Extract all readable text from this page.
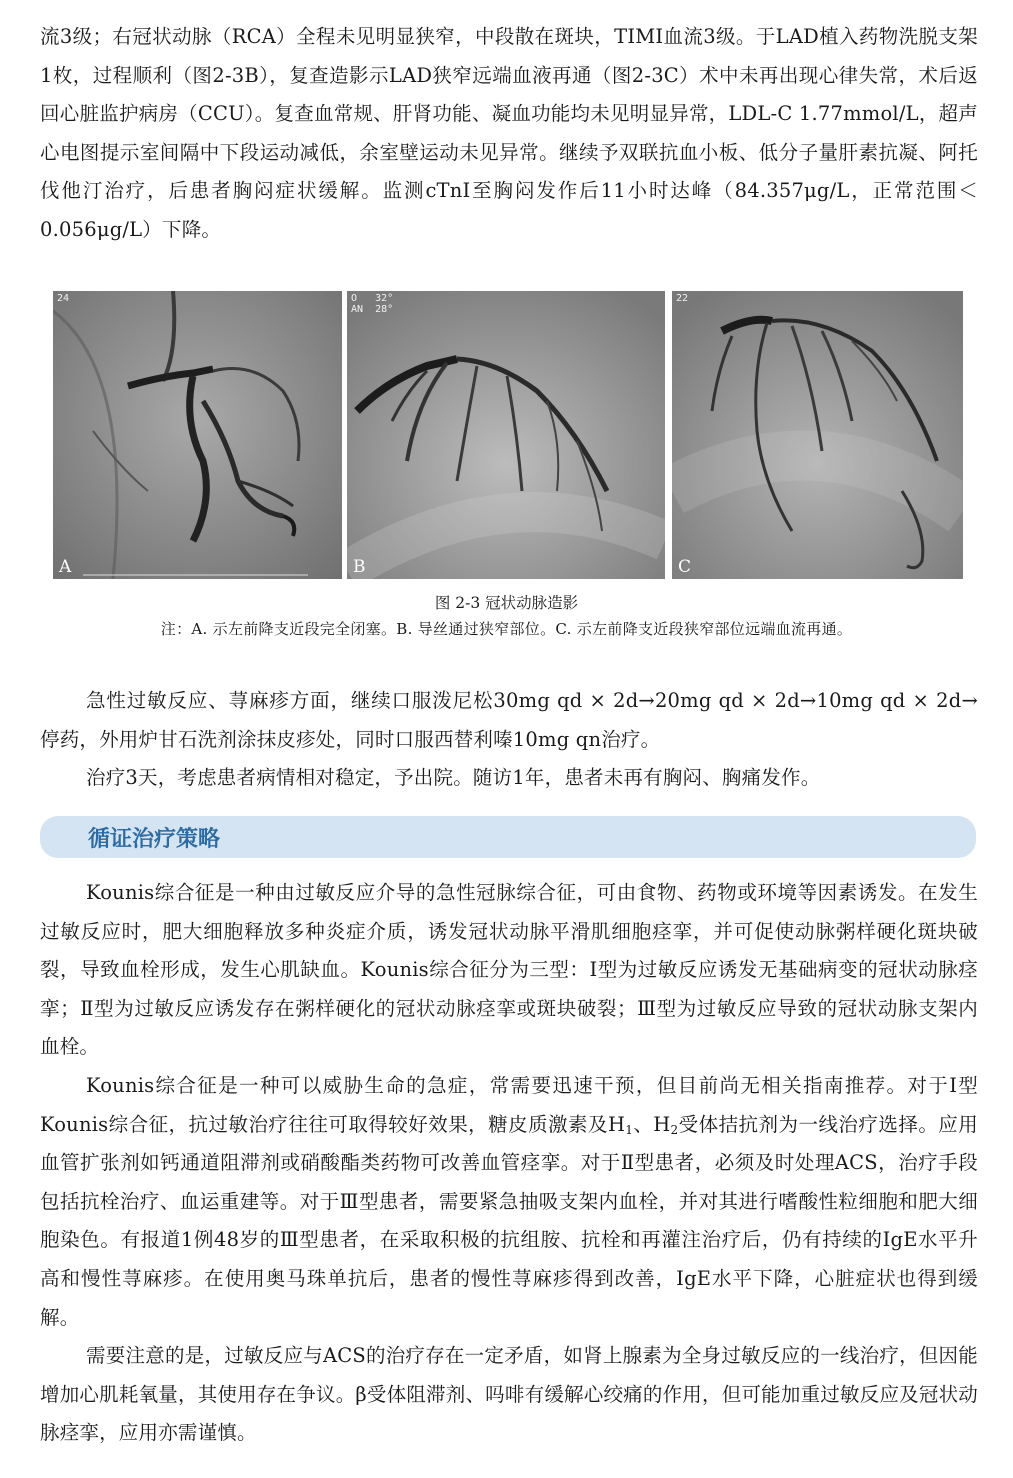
流3级；右冠状动脉（RCA）全程未见明显狭窄，中段散在斑块，TIMI血流3级。于LAD植入药物洗脱支架1枚，过程顺利（图2-3B），复查造影示LAD狭窄远端血液再通（图2-3C）术中未再出现心律失常，术后返回心脏监护病房（CCU）。复查血常规、肝肾功能、凝血功能均未见明显异常，LDL-C 1.77mmol/L，超声心电图提示室间隔中下段运动减低，余室壁运动未见异常。继续予双联抗血小板、低分子量肝素抗凝、阿托伐他汀治疗，后患者胸闷症状缓解。监测cTnI至胸闷发作后11小时达峰（84.357μg/L，正常范围＜0.056μg/L）下降。

24
A
O   32°
AN  28°
B
22
C
图 2-3 冠状动脉造影
注：A. 示左前降支近段完全闭塞。B. 导丝通过狭窄部位。C. 示左前降支近段狭窄部位远端血流再通。

急性过敏反应、荨麻疹方面，继续口服泼尼松30mg qd × 2d→20mg qd × 2d→10mg qd × 2d→停药，外用炉甘石洗剂涂抹皮疹处，同时口服西替利嗪10mg qn治疗。

治疗3天，考虑患者病情相对稳定，予出院。随访1年，患者未再有胸闷、胸痛发作。

循证治疗策略

Kounis综合征是一种由过敏反应介导的急性冠脉综合征，可由食物、药物或环境等因素诱发。在发生过敏反应时，肥大细胞释放多种炎症介质，诱发冠状动脉平滑肌细胞痉挛，并可促使动脉粥样硬化斑块破裂，导致血栓形成，发生心肌缺血。Kounis综合征分为三型：Ⅰ型为过敏反应诱发无基础病变的冠状动脉痉挛；Ⅱ型为过敏反应诱发存在粥样硬化的冠状动脉痉挛或斑块破裂；Ⅲ型为过敏反应导致的冠状动脉支架内血栓。

Kounis综合征是一种可以威胁生命的急症，常需要迅速干预，但目前尚无相关指南推荐。对于Ⅰ型Kounis综合征，抗过敏治疗往往可取得较好效果，糖皮质激素及$H_1$、$H_2$受体拮抗剂为一线治疗选择。应用血管扩张剂如钙通道阻滞剂或硝酸酯类药物可改善血管痉挛。对于Ⅱ型患者，必须及时处理ACS，治疗手段包括抗栓治疗、血运重建等。对于Ⅲ型患者，需要紧急抽吸支架内血栓，并对其进行嗜酸性粒细胞和肥大细胞染色。有报道1例48岁的Ⅲ型患者，在采取积极的抗组胺、抗栓和再灌注治疗后，仍有持续的IgE水平升高和慢性荨麻疹。在使用奥马珠单抗后，患者的慢性荨麻疹得到改善，IgE水平下降，心脏症状也得到缓解。

需要注意的是，过敏反应与ACS的治疗存在一定矛盾，如肾上腺素为全身过敏反应的一线治疗，但因能增加心肌耗氧量，其使用存在争议。β受体阻滞剂、吗啡有缓解心绞痛的作用，但可能加重过敏反应及冠状动脉痉挛，应用亦需谨慎。
